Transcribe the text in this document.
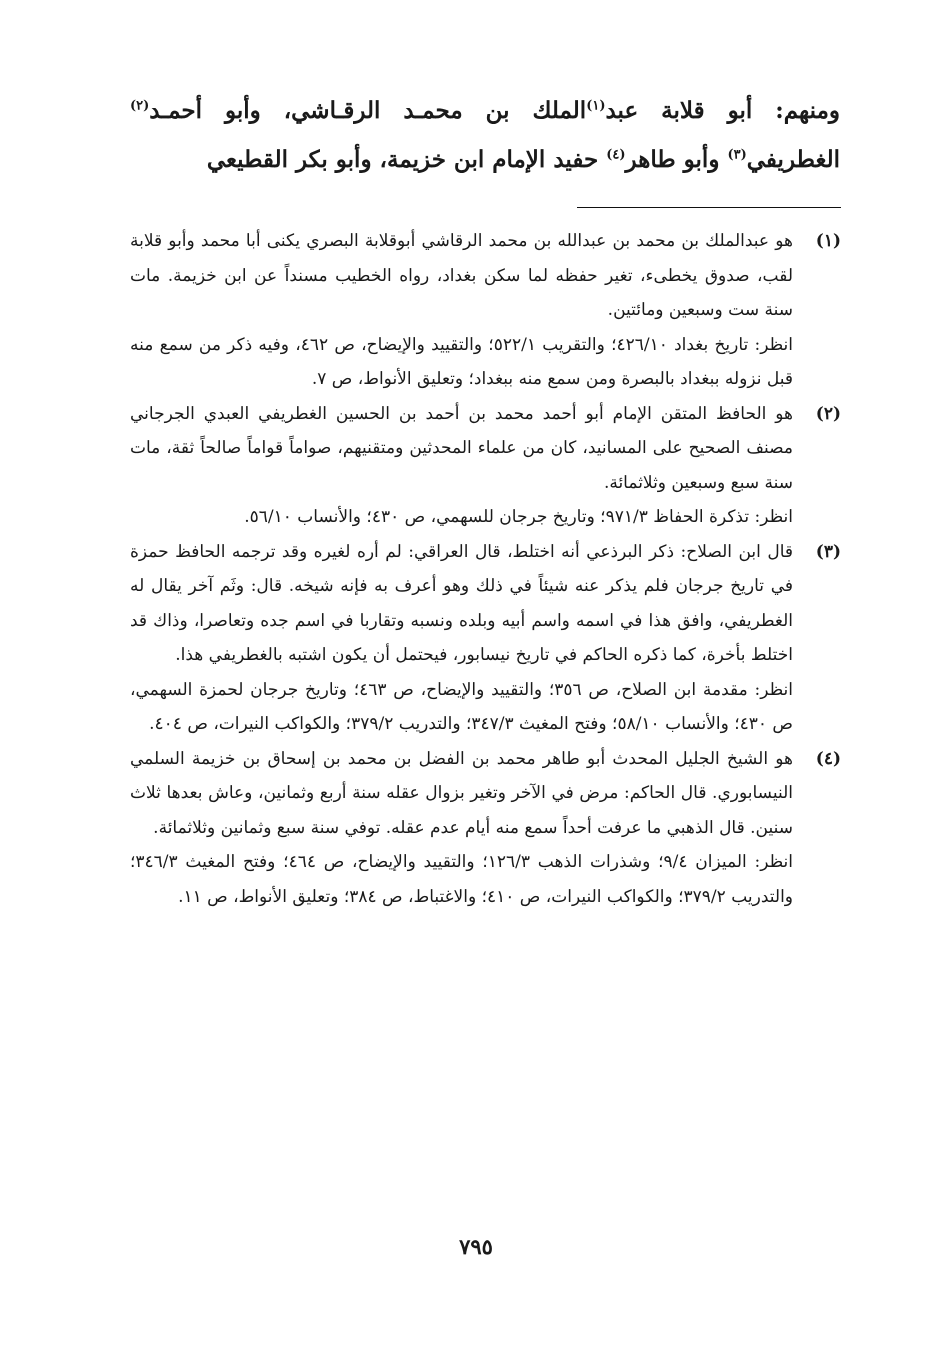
ومنهم: أبو قلابة عبد$^{(١)}$الملك بن محمـد الرقـاشي، وأبو أحمـد$^{(٢)}$ الغطريفي$^{(٣)}$ وأبو طاهر$^{(٤)}$ حفيد الإمام ابن خزيمة، وأبو بكر القطيعي
(١)

هو عبدالملك بن محمد بن عبدالله بن محمد الرقاشي أبوقلابة البصري يكنى أبا محمد وأبو قلابة لقب، صدوق يخطىء، تغير حفظه لما سكن بغداد، رواه الخطيب مسنداً عن ابن خزيمة. مات سنة ست وسبعين ومائتين.

انظر: تاريخ بغداد ٤٢٦/١٠؛ والتقريب ٥٢٢/١؛ والتقييد والإيضاح، ص ٤٦٢، وفيه ذكر من سمع منه قبل نزوله ببغداد بالبصرة ومن سمع منه ببغداد؛ وتعليق الأنواط، ص ٧.

(٢)

هو الحافظ المتقن الإمام أبو أحمد محمد بن أحمد بن الحسين الغطريفي العبدي الجرجاني مصنف الصحيح على المسانيد، كان من علماء المحدثين ومتقنيهم، صواماً قواماً صالحاً ثقة، مات سنة سبع وسبعين وثلاثمائة.

انظر: تذكرة الحفاظ ٩٧١/٣؛ وتاريخ جرجان للسهمي، ص ٤٣٠؛ والأنساب ٥٦/١٠.

(٣)

قال ابن الصلاح: ذكر البرذعي أنه اختلط، قال العراقي: لم أره لغيره وقد ترجمه الحافظ حمزة في تاريخ جرجان فلم يذكر عنه شيئاً في ذلك وهو أعرف به فإنه شيخه. قال: وثَم آخر يقال له الغطريفي، وافق هذا في اسمه واسم أبيه وبلده ونسبه وتقاربا في اسم جده وتعاصرا، وذاك قد اختلط بأخرة، كما ذكره الحاكم في تاريخ نيسابور، فيحتمل أن يكون اشتبه بالغطريفي هذا.

انظر: مقدمة ابن الصلاح، ص ٣٥٦؛ والتقييد والإيضاح، ص ٤٦٣؛ وتاريخ جرجان لحمزة السهمي، ص ٤٣٠؛ والأنساب ٥٨/١٠؛ وفتح المغيث ٣٤٧/٣؛ والتدريب ٣٧٩/٢؛ والكواكب النيرات، ص ٤٠٤.

(٤)

هو الشيخ الجليل المحدث أبو طاهر محمد بن الفضل بن محمد بن إسحاق بن خزيمة السلمي النيسابوري. قال الحاكم: مرض في الآخر وتغير بزوال عقله سنة أربع وثمانين، وعاش بعدها ثلاث سنين. قال الذهبي ما عرفت أحداً سمع منه أيام عدم عقله. توفي سنة سبع وثمانين وثلاثمائة.

انظر: الميزان ٩/٤؛ وشذرات الذهب ١٢٦/٣؛ والتقييد والإيضاح، ص ٤٦٤؛ وفتح المغيث ٣٤٦/٣؛ والتدريب ٣٧٩/٢؛ والكواكب النيرات، ص ٤١٠؛ والاغتباط، ص ٣٨٤؛ وتعليق الأنواط، ص ١١.

٧٩٥
